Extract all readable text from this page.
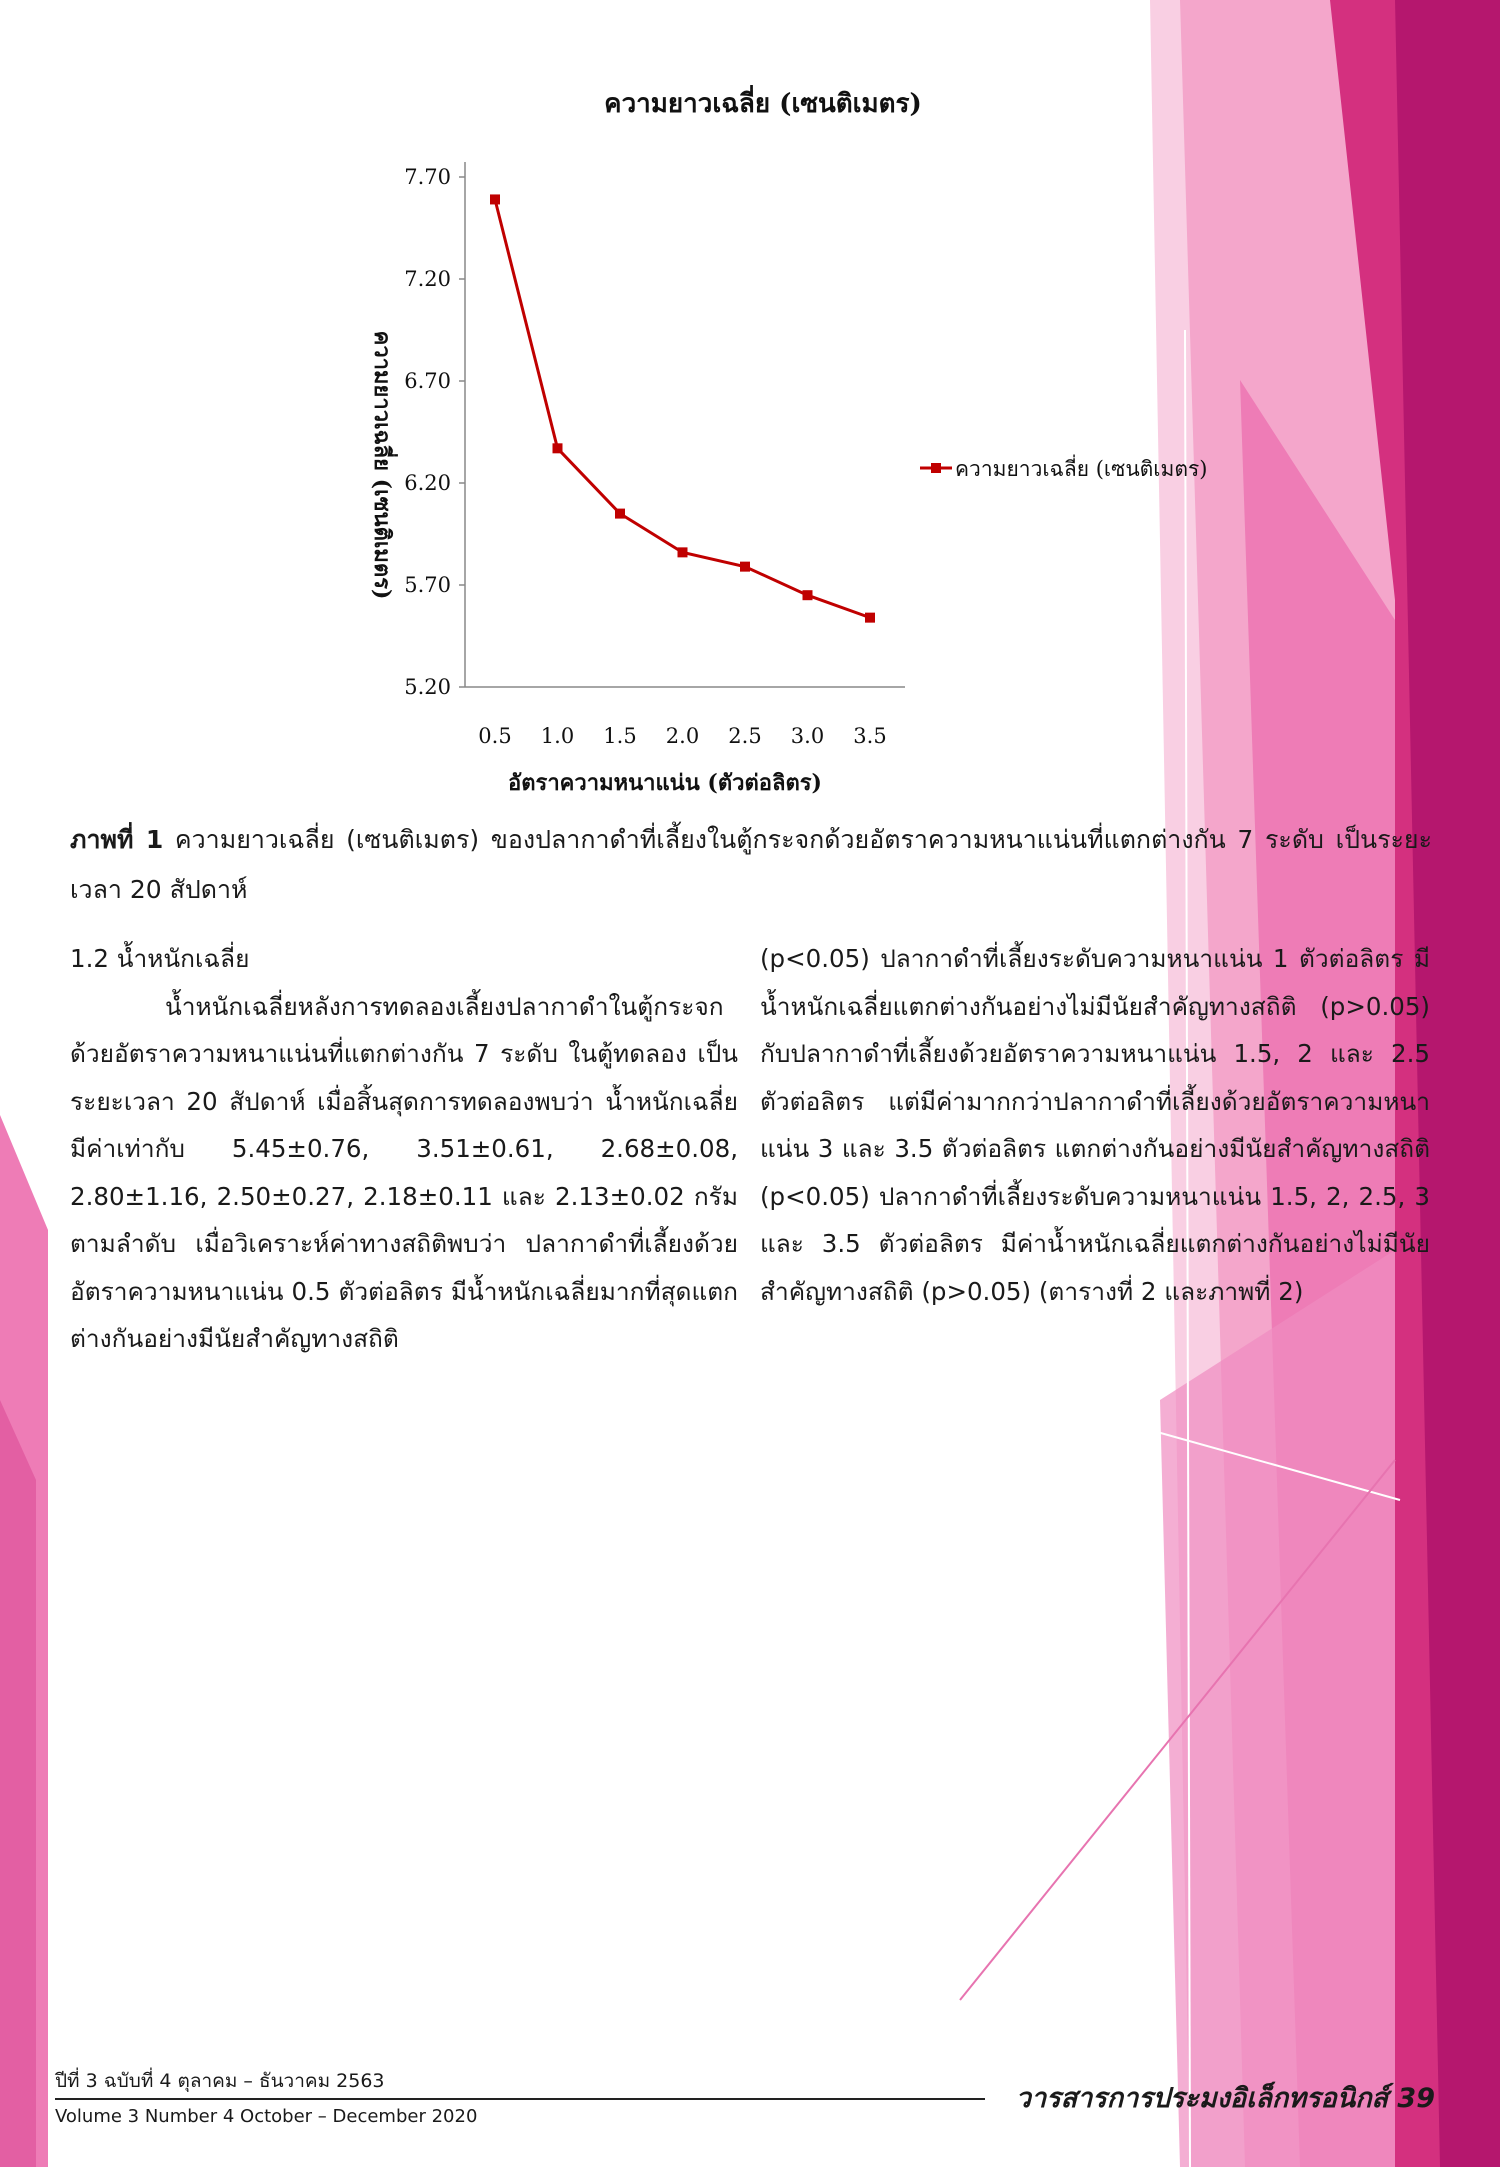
ความยาวเฉลี่ย (เซนติเมตร)
ความยาวเฉลี่ย (เซนติเมตร)
อัตราความหนาแน่น (ตัวต่อลิตร)
7.70
7.20
6.70
6.20
5.70
5.20
0.5 1.0 1.5 2.0 2.5 3.0 3.5
ความยาวเฉลี่ย (เซนติเมตร)
ภาพที่ 1 ความยาวเฉลี่ย (เซนติเมตร) ของปลากาดำที่เลี้ยงในตู้กระจกด้วยอัตราความหนาแน่นที่แตกต่างกัน 7 ระดับ เป็นระยะเวลา 20 สัปดาห์

1.2 น้ำหนักเฉลี่ย

น้ำหนักเฉลี่ยหลังการทดลองเลี้ยงปลากาดำในตู้กระจกด้วยอัตราความหนาแน่นที่แตกต่างกัน 7 ระดับ ในตู้ทดลอง เป็นระยะเวลา 20 สัปดาห์ เมื่อสิ้นสุดการทดลองพบว่า น้ำหนักเฉลี่ยมีค่าเท่ากับ 5.45±0.76, 3.51±0.61, 2.68±0.08, 2.80±1.16, 2.50±0.27, 2.18±0.11 และ 2.13±0.02 กรัม ตามลำดับ เมื่อวิเคราะห์ค่าทางสถิติพบว่า ปลากาดำที่เลี้ยงด้วยอัตราความหนาแน่น 0.5 ตัวต่อลิตร มีน้ำหนักเฉลี่ยมากที่สุดแตกต่างกันอย่างมีนัยสำคัญทางสถิติ

(p<0.05) ปลากาดำที่เลี้ยงระดับความหนาแน่น 1 ตัวต่อลิตร มีน้ำหนักเฉลี่ยแตกต่างกันอย่างไม่มีนัยสำคัญทางสถิติ (p>0.05) กับปลากาดำที่เลี้ยงด้วยอัตราความหนาแน่น 1.5, 2 และ 2.5 ตัวต่อลิตร แต่มีค่ามากกว่าปลากาดำที่เลี้ยงด้วยอัตราความหนาแน่น 3 และ 3.5 ตัวต่อลิตร แตกต่างกันอย่างมีนัยสำคัญทางสถิติ (p<0.05) ปลากาดำที่เลี้ยงระดับความหนาแน่น 1.5, 2, 2.5, 3 และ 3.5 ตัวต่อลิตร มีค่าน้ำหนักเฉลี่ยแตกต่างกันอย่างไม่มีนัยสำคัญทางสถิติ (p>0.05) (ตารางที่ 2 และภาพที่ 2)

ปีที่ 3 ฉบับที่ 4 ตุลาคม – ธันวาคม 2563
Volume 3 Number 4 October – December 2020
วารสารการประมงอิเล็กทรอนิกส์ 39
